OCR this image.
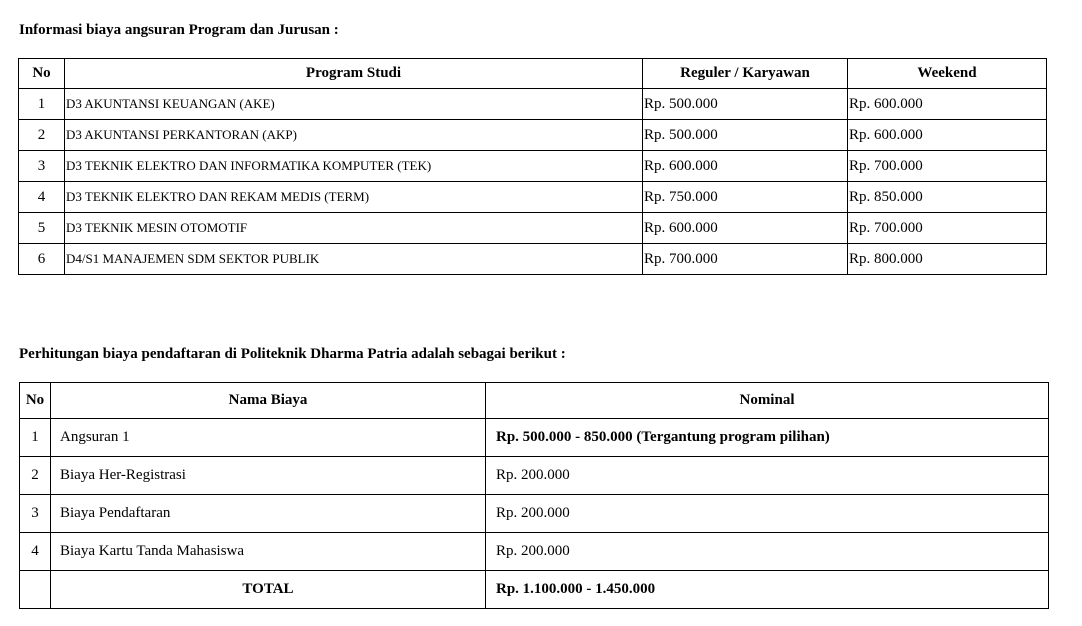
Informasi biaya angsuran Program dan Jurusan :

No	Program Studi	Reguler / Karyawan	Weekend
1	D3 AKUNTANSI KEUANGAN (AKE)	Rp. 500.000	Rp. 600.000
2	D3 AKUNTANSI PERKANTORAN (AKP)	Rp. 500.000	Rp. 600.000
3	D3 TEKNIK ELEKTRO DAN INFORMATIKA KOMPUTER (TEK)	Rp. 600.000	Rp. 700.000
4	D3 TEKNIK ELEKTRO DAN REKAM MEDIS (TERM)	Rp. 750.000	Rp. 850.000
5	D3 TEKNIK MESIN OTOMOTIF	Rp. 600.000	Rp. 700.000
6	D4/S1 MANAJEMEN SDM SEKTOR PUBLIK	Rp. 700.000	Rp. 800.000

Perhitungan biaya pendaftaran di Politeknik Dharma Patria adalah sebagai berikut :

No	Nama Biaya	Nominal
1	Angsuran 1	Rp. 500.000 - 850.000 (Tergantung program pilihan)
2	Biaya Her-Registrasi	Rp. 200.000
3	Biaya Pendaftaran	Rp. 200.000
4	Biaya Kartu Tanda Mahasiswa	Rp. 200.000
	TOTAL	Rp. 1.100.000 - 1.450.000
